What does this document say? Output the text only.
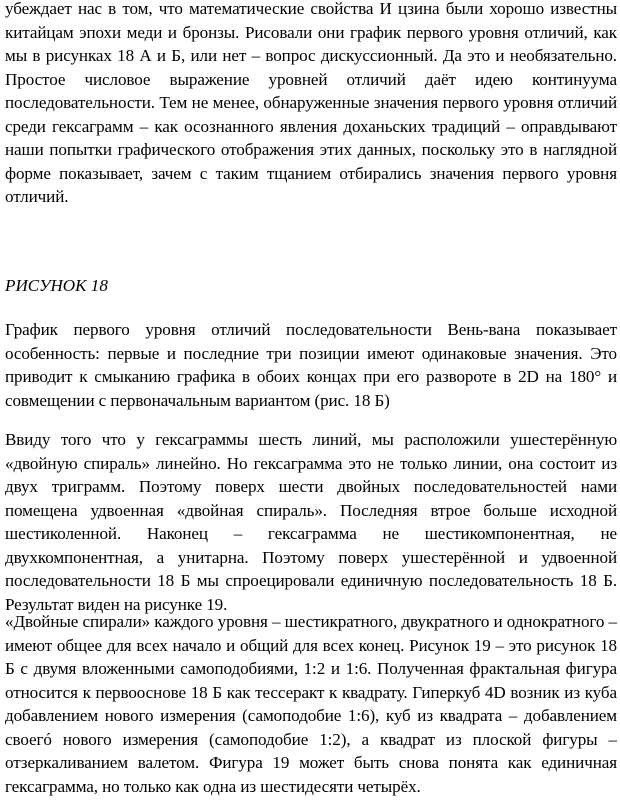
убеждает нас в том, что математические свойства И цзина были хорошо известны китайцам эпохи меди и бронзы. Рисовали они график первого уровня отличий, как мы в рисунках 18 А и Б, или нет – вопрос дискуссионный. Да это и необязательно. Простое числовое выражение уровней отличий даёт идею континуума последовательности. Тем не менее, обнаруженные значения первого уровня отличий среди гексаграмм – как осознанного явления доханьских традиций – оправдывают наши попытки графического отображения этих данных, поскольку это в наглядной форме показывает, зачем с таким тщанием отбирались значения первого уровня отличий.

РИСУНОК 18

График первого уровня отличий последовательности Вень-вана показывает особенность: первые и последние три позиции имеют одинаковые значения. Это приводит к смыканию графика в обоих концах при его развороте в 2D на 180° и совмещении с первоначальным вариантом (рис. 18 Б)

Ввиду того что у гексаграммы шесть линий, мы расположили ушестерённую «двойную спираль» линейно. Но гексаграмма это не только линии, она состоит из двух триграмм. Поэтому поверх шести двойных последовательностей нами помещена удвоенная «двойная спираль». Последняя втрое больше исходной шестиколенной. Наконец – гексаграмма не шестикомпонентная, не двухкомпонентная, а унитарна. Поэтому поверх ушестерённой и удвоенной последовательности 18 Б мы спроецировали единичную последовательность 18 Б. Результат виден на рисунке 19.

«Двойные спирали» каждого уровня – шестикратного, двукратного и однократного – имеют общее для всех начало и общий для всех конец. Рисунок 19 – это рисунок 18 Б с двумя вложенными самоподобиями, 1:2 и 1:6. Полученная фрактальная фигура относится к первооснове 18 Б как тессеракт к квадрату. Гиперкуб 4D возник из куба добавлением нового измерения (самоподобие 1:6), куб из квадрата – добавлением своегó нового измерения (самоподобие 1:2), а квадрат из плоской фигуры – отзеркаливанием валетом. Фигура 19 может быть снова понята как единичная гексаграмма, но только как одна из шестидесяти четырёх.
